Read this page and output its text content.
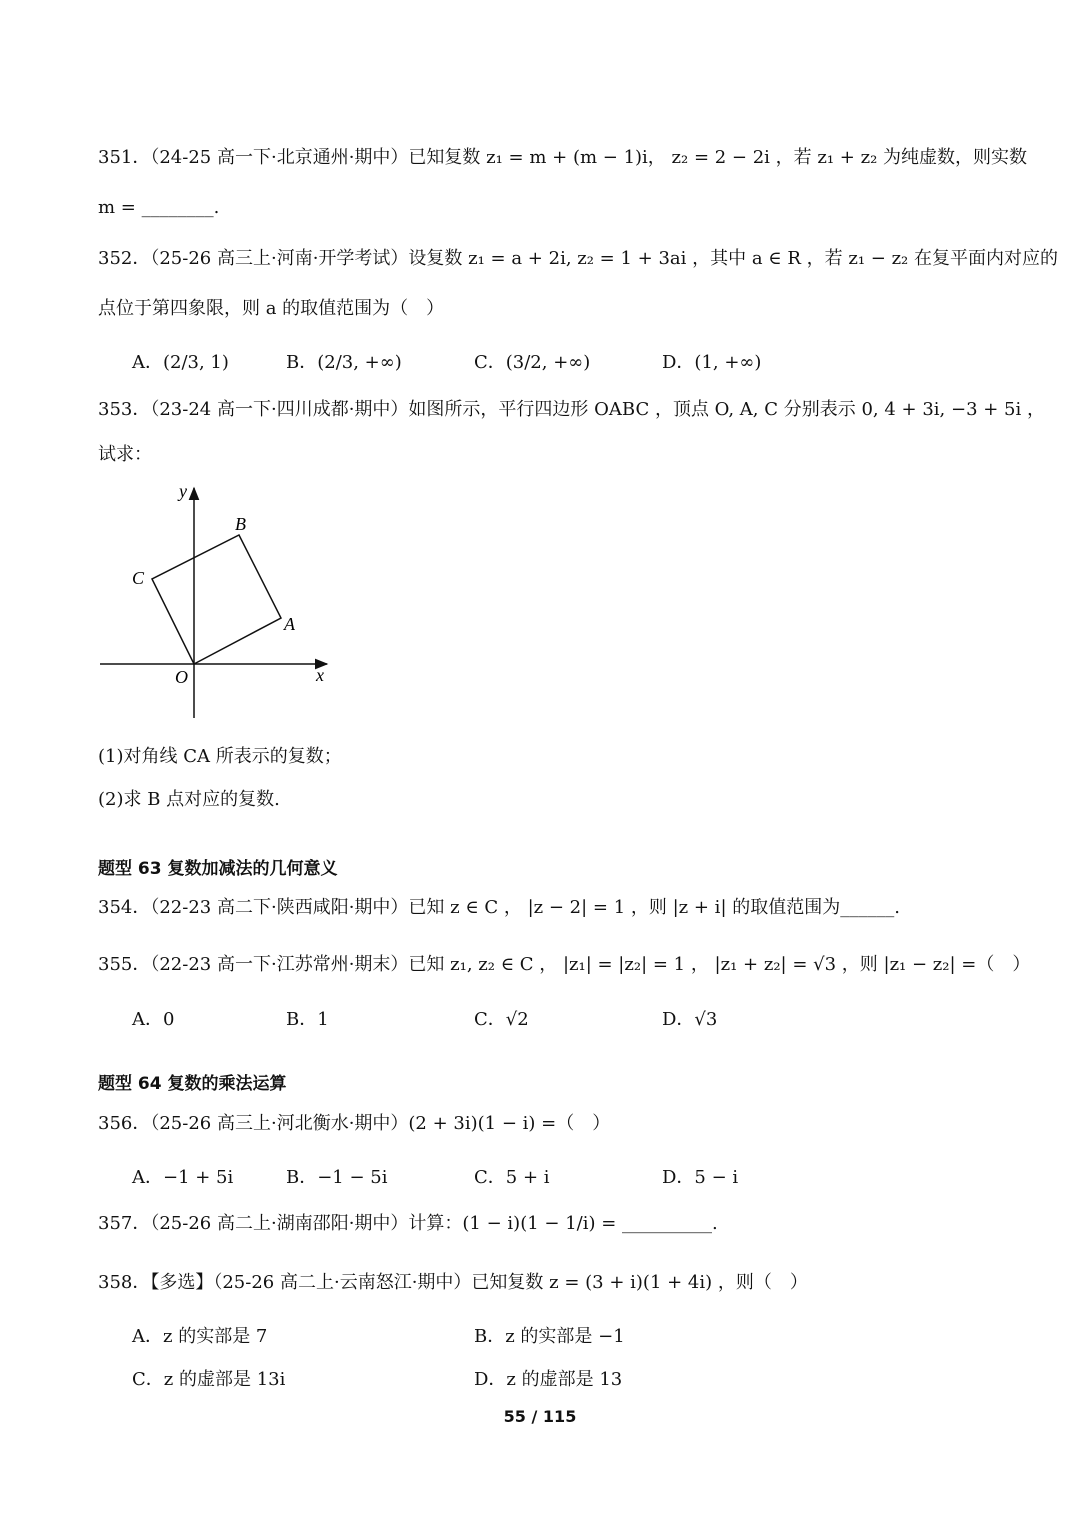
351．（24-25 高一下·北京通州·期中）已知复数 z₁ = m + (m − 1)i， z₂ = 2 − 2i ，若 z₁ + z₂ 为纯虚数，则实数
m = ________.
352．（25-26 高三上·河南·开学考试）设复数 z₁ = a + 2i, z₂ = 1 + 3ai ，其中 a ∈ R ，若 z₁ − z₂ 在复平面内对应的
点位于第四象限，则 a 的取值范围为（　）
A．(2/3, 1)	B．(2/3, +∞)	C．(3/2, +∞)	D．(1, +∞)
353．（23-24 高一下·四川成都·期中）如图所示，平行四边形 OABC ，顶点 O, A, C 分别表示 0, 4 + 3i, −3 + 5i ，
试求：
y
x
O
A
B
C
(1)对角线 CA 所表示的复数；
(2)求 B 点对应的复数.
题型 63 复数加减法的几何意义
354．（22-23 高二下·陕西咸阳·期中）已知 z ∈ C ， |z − 2| = 1 ，则 |z + i| 的取值范围为______.
355．（22-23 高一下·江苏常州·期末）已知 z₁, z₂ ∈ C ， |z₁| = |z₂| = 1 ， |z₁ + z₂| = √3 ，则 |z₁ − z₂| =（　）
A．0	B．1	C．√2	D．√3
题型 64 复数的乘法运算
356．（25-26 高三上·河北衡水·期中）(2 + 3i)(1 − i) =（　）
A．−1 + 5i	B．−1 − 5i	C．5 + i	D．5 − i
357．（25-26 高二上·湖南邵阳·期中）计算：(1 − i)(1 − 1/i) = __________.
358．【多选】（25-26 高二上·云南怒江·期中）已知复数 z = (3 + i)(1 + 4i) ，则（　）
A．z 的实部是 7	B．z 的实部是 −1
C．z 的虚部是 13i	D．z 的虚部是 13
55 / 115
